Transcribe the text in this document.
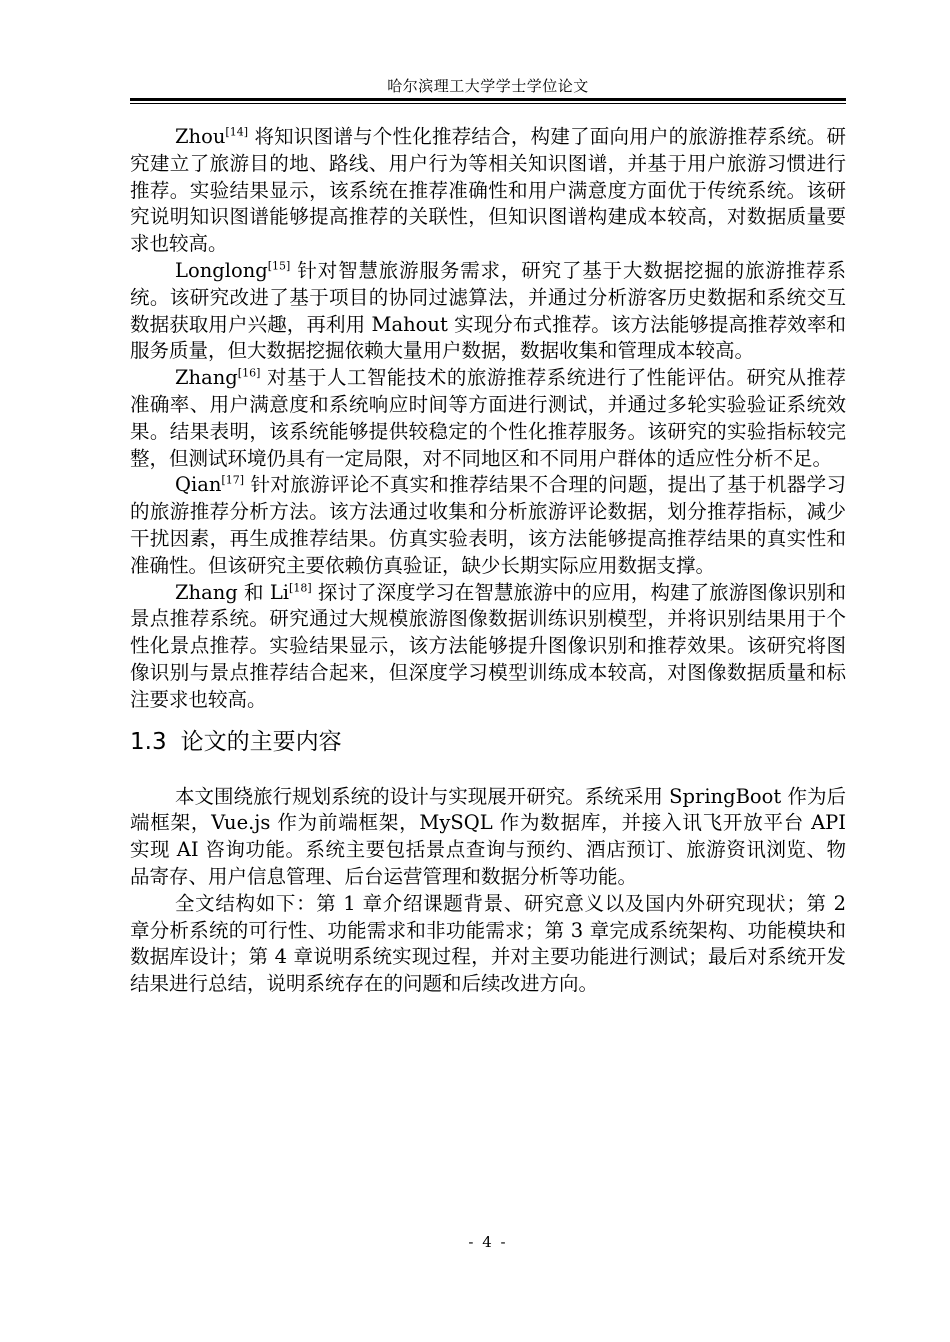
哈尔滨理工大学学士学位论文

Zhou[14] 将知识图谱与个性化推荐结合，构建了面向用户的旅游推荐系统。研究建立了旅游目的地、路线、用户行为等相关知识图谱，并基于用户旅游习惯进行推荐。实验结果显示，该系统在推荐准确性和用户满意度方面优于传统系统。该研究说明知识图谱能够提高推荐的关联性，但知识图谱构建成本较高，对数据质量要求也较高。

Longlong[15] 针对智慧旅游服务需求，研究了基于大数据挖掘的旅游推荐系统。该研究改进了基于项目的协同过滤算法，并通过分析游客历史数据和系统交互数据获取用户兴趣，再利用 Mahout 实现分布式推荐。该方法能够提高推荐效率和服务质量，但大数据挖掘依赖大量用户数据，数据收集和管理成本较高。

Zhang[16] 对基于人工智能技术的旅游推荐系统进行了性能评估。研究从推荐准确率、用户满意度和系统响应时间等方面进行测试，并通过多轮实验验证系统效果。结果表明，该系统能够提供较稳定的个性化推荐服务。该研究的实验指标较完整，但测试环境仍具有一定局限，对不同地区和不同用户群体的适应性分析不足。

Qian[17] 针对旅游评论不真实和推荐结果不合理的问题，提出了基于机器学习的旅游推荐分析方法。该方法通过收集和分析旅游评论数据，划分推荐指标，减少干扰因素，再生成推荐结果。仿真实验表明，该方法能够提高推荐结果的真实性和准确性。但该研究主要依赖仿真验证，缺少长期实际应用数据支撑。

Zhang 和 Li[18] 探讨了深度学习在智慧旅游中的应用，构建了旅游图像识别和景点推荐系统。研究通过大规模旅游图像数据训练识别模型，并将识别结果用于个性化景点推荐。实验结果显示，该方法能够提升图像识别和推荐效果。该研究将图像识别与景点推荐结合起来，但深度学习模型训练成本较高，对图像数据质量和标注要求也较高。

1.3 论文的主要内容

本文围绕旅行规划系统的设计与实现展开研究。系统采用 SpringBoot 作为后端框架，Vue.js 作为前端框架，MySQL 作为数据库，并接入讯飞开放平台 API 实现 AI 咨询功能。系统主要包括景点查询与预约、酒店预订、旅游资讯浏览、物品寄存、用户信息管理、后台运营管理和数据分析等功能。

全文结构如下：第 1 章介绍课题背景、研究意义以及国内外研究现状；第 2 章分析系统的可行性、功能需求和非功能需求；第 3 章完成系统架构、功能模块和数据库设计；第 4 章说明系统实现过程，并对主要功能进行测试；最后对系统开发结果进行总结，说明系统存在的问题和后续改进方向。

- 4 -
